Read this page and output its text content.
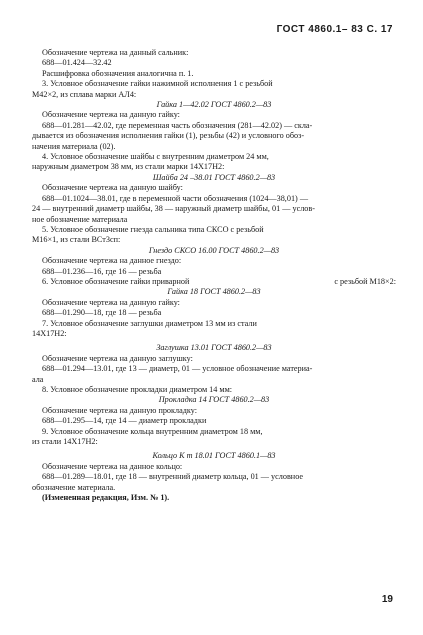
ГОСТ 4860.1– 83 С. 17
Обозначение чертежа на данный сальник:
688—01.424—32.42
Расшифровка обозначения аналогична п. 1.
3. Условное обозначение гайки нажимной исполнения 1 с резьбой
M42×2, из сплава марки АЛ4:
Гайка 1—42.02 ГОСТ 4860.2—83
Обозначение чертежа на данную гайку:
688—01.281—42.02, где переменная часть обозначения (281—42.02) — скла-
дывается из обозначения исполнения гайки (1), резьбы (42) и условного обоз-
начения материала (02).
4. Условное обозначение шайбы с внутренним диаметром 24 мм,
наружным диаметром 38 мм, из стали марки 14Х17Н2:
Шайба 24 –38.01 ГОСТ 4860.2—83
Обозначение чертежа на данную шайбу:
688—01.1024—38.01, где в переменной части обозначения (1024—38,01) —
24 — внутренний диаметр шайбы, 38 — наружный диаметр шайбы, 01 — услов-
ное обозначение материала
5. Условное обозначение гнезда сальника типа СКСО с резьбой
М16×1, из стали ВСт3сп:
Гнездо СКСО 16.00 ГОСТ 4860.2—83
Обозначение чертежа на данное гнездо:
688—01.236—16, где 16 — резьба
6. Условное обозначение гайки приварной	с резьбой М18×2:
Гайка 18 ГОСТ 4860.2—83
Обозначение чертежа на данную гайку:
688—01.290—18, где 18 — резьба
7. Условное обозначение заглушки диаметром 13 мм из стали
14Х17Н2:
Заглушка 13.01 ГОСТ 4860.2—83
Обозначение чертежа на данную заглушку:
688—01.294—13.01, где 13 — диаметр, 01 — условное обозначение материа-
ала
8. Условное обозначение прокладки диаметром 14 мм:
Прокладка 14 ГОСТ 4860.2—83
Обозначение чертежа на данную прокладку:
688—01.295—14, где 14 — диаметр прокладки
9. Условное обозначение кольца внутренним диаметром 18 мм,
из стали 14Х17Н2:
Кольцо К т 18.01 ГОСТ 4860.1—83
Обозначение чертежа на данное кольцо:
688—01.289—18.01, где 18 — внутренний диаметр кольца, 01 — условное
обозначение материала.
(Измененная редакция, Изм. № 1).
19
